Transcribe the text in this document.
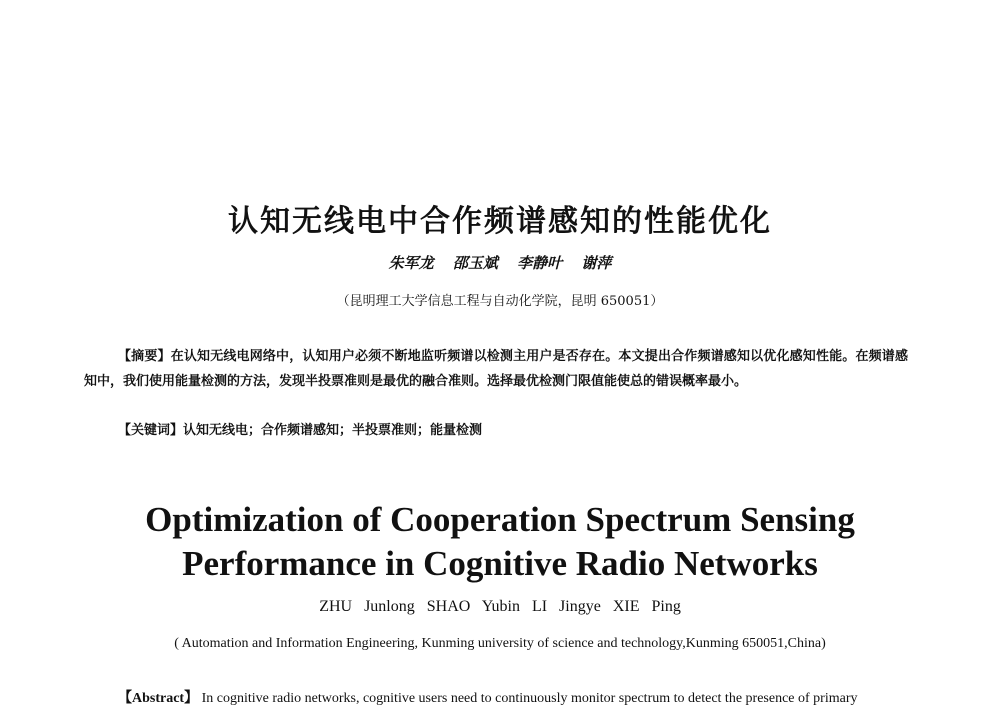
认知无线电中合作频谱感知的性能优化
朱军龙 邵玉斌 李静叶 谢萍
（昆明理工大学信息工程与自动化学院，昆明 650051）
【摘要】在认知无线电网络中，认知用户必须不断地监听频谱以检测主用户是否存在。本文提出合作频谱感知以优化感知性能。在频谱感知中，我们使用能量检测的方法，发现半投票准则是最优的融合准则。选择最优检测门限值能使总的错误概率最小。
【关键词】认知无线电；合作频谱感知；半投票准则；能量检测
Optimization of Cooperation Spectrum Sensing
Performance in Cognitive Radio Networks
ZHU Junlong SHAO Yubin LI Jingye XIE Ping
( Automation and Information Engineering, Kunming university of science and technology,Kunming 650051,China)
【Abstract】 In cognitive radio networks, cognitive users need to continuously monitor spectrum to detect the presence of primary
